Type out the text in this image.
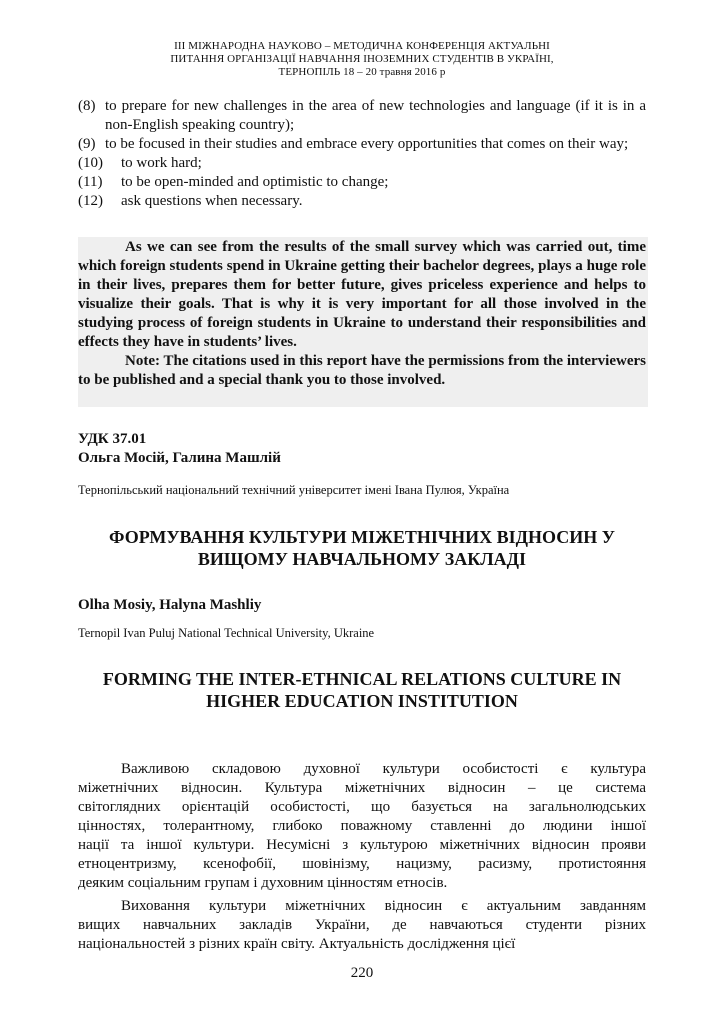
III МІЖНАРОДНА НАУКОВО – МЕТОДИЧНА КОНФЕРЕНЦІЯ АКТУАЛЬНІ
ПИТАННЯ ОРГАНІЗАЦІЇ НАВЧАННЯ ІНОЗЕМНИХ СТУДЕНТІВ В УКРАЇНІ,
ТЕРНОПІЛЬ 18 – 20 травня 2016 р
(8) to prepare for new challenges in the area of new technologies and language (if it is in a non-English speaking country);
(9) to be focused in their studies and embrace every opportunities that comes on their way;
(10) to work hard;
(11) to be open-minded and optimistic to change;
(12) ask questions when necessary.

As we can see from the results of the small survey which was carried out, time which foreign students spend in Ukraine getting their bachelor degrees, plays a huge role in their lives, prepares them for better future, gives priceless experience and helps to visualize their goals. That is why it is very important for all those involved in the studying process of foreign students in Ukraine to understand their responsibilities and effects they have in students’ lives.

Note: The citations used in this report have the permissions from the interviewers to be published and a special thank you to those involved.

УДК 37.01
Ольга Мосій, Галина Машлій
Тернопільський національний технічний університет імені Івана Пулюя, Україна
ФОРМУВАННЯ КУЛЬТУРИ МІЖЕТНІЧНИХ ВІДНОСИН У
ВИЩОМУ НАВЧАЛЬНОМУ ЗАКЛАДІ
Olha Mosiy, Halyna Mashliy
Ternopil Ivan Puluj National Technical University, Ukraine
FORMING THE INTER-ETHNICAL RELATIONS CULTURE IN
HIGHER EDUCATION INSTITUTION
Важливою складовою духовної культури особистості є культура
міжетнічних відносин. Культура міжетнічних відносин – це система
світоглядних орієнтацій особистості, що базується на загальнолюдських
цінностях, толерантному, глибоко поважному ставленні до людини іншої
нації та іншої культури. Несумісні з культурою міжетнічних відносин прояви
етноцентризму, ксенофобії, шовінізму, нацизму, расизму, протистояння
деяким соціальним групам і духовним цінностям етносів.
Виховання культури міжетнічних відносин є актуальним завданням
вищих навчальних закладів України, де навчаються студенти різних
національностей з різних країн світу. Актуальність дослідження цієї
220
